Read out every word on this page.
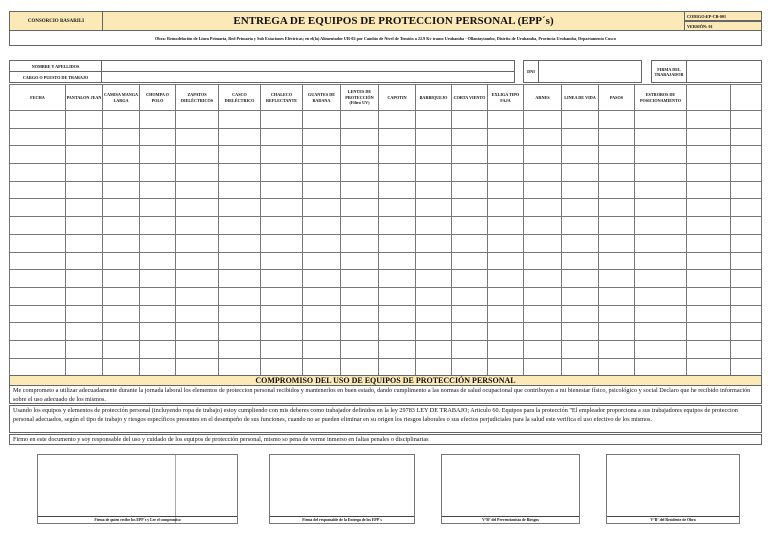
CONSORCIO BASARILI	ENTREGA DE EQUIPOS DE PROTECCION PERSONAL (EPP´s)	CODIGO:EP-CB-001
VERSIÓN: 01
Obra: Remodelación de Línea Primaria, Red Primaria y Sub Estaciones Eléctricas; en el(la) Alimentador UR-02 por Cambio de Nivel de Tensión a 22.9 Kv tramo Urubamba - Ollantaytambo, Distrito de Urubamba, Provincia Urubamba, Departamento Cusco
NOMBRE Y APELLIDOS
CARGO O PUESTO DE TRABAJO
DNI	FIRMA DEL TRABAJADOR
FECHA	PANTALON JEAN	CAMISA MANGA LARGA	CHOMPA O POLO	ZAPATOS DIELÉCTRICOS	CASCO DIELÉCTRICO	CHALECO REFLECTANTE	GUANTES DE BADANA	LENTES DE PROTECCIÓN (Filtro UV)	CAPOTIN	BARBIQUEJO	CORTA VIENTO	EXLIGA TIPO FAJA	ARNES	LINEA DE VIDA	PASOS	ESTROBOS DE POSICIONAMIENTO		

COMPROMISO DEL USO DE EQUIPOS DE PROTECCIÓN PERSONAL
Me comprometo a utilizar adecuadamente durante la jornada laboral los elementos de proteccion personal recibidos y mantenerlos en buen estado, dando cumplimento a las normas de salud ocupacional que contribuyen a mi bienestar físico, psicológico y social Declaro que he recibido información sobre el uso adecuado de los mismos.
Usando los equipos y elementos de protección personal (incluyendo ropa de trabajo) estoy cumpliendo con mis deberes como trabajador definidos en la ley 29783 LEY DE TRABAJO; Articulo 60. Equipos para la protección "El empleador proporciona a sus trabajadores equipos de proteccion personal adecuados, según el tipo de trabajo y riesgos específicos presentes en el desempeño de sus funciones, cuando no se pueden eliminar en su origen los riesgos laborales o sus efectos perjudiciales para la salud este verifica el uso efectivo de los mismos.
Firmo en este documento y soy responsable del uso y cuidado de los equipos de protección personal, mismo so pena de verme inmerso en faltas penales o disciplinarias
Firma de quien recibe los EPP´s y Lee el compromiso	Firma del responsable de la Entrega de los EPP´s	V°B° del Prevencionista de Riesgos	V°B° del Residente de Obra
